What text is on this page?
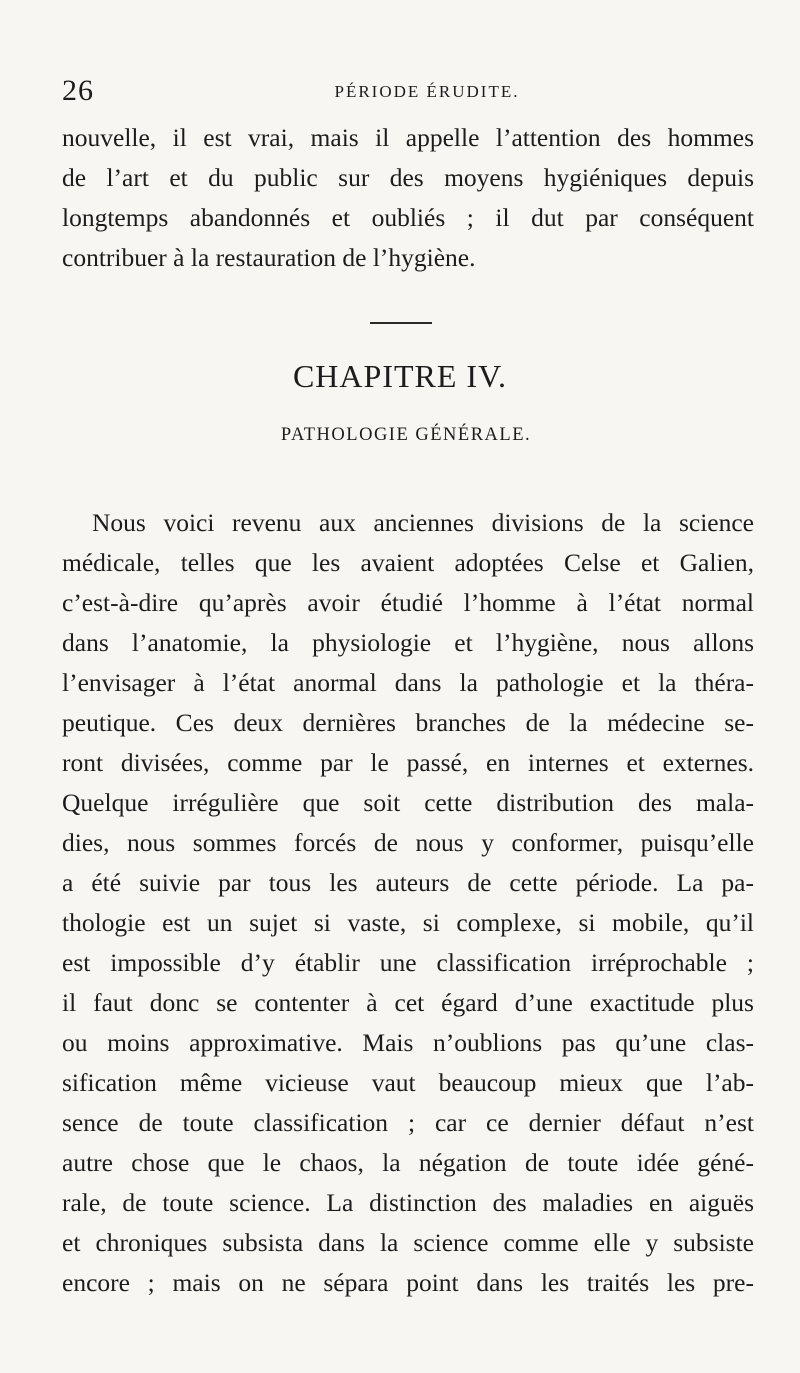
26	PÉRIODE ÉRUDITE.
nouvelle, il est vrai, mais il appelle l’attention des hommes
de l’art et du public sur des moyens hygiéniques depuis
longtemps abandonnés et oubliés ; il dut par conséquent
contribuer à la restauration de l’hygiène.
CHAPITRE IV.
PATHOLOGIE GÉNÉRALE.
Nous voici revenu aux anciennes divisions de la science
médicale, telles que les avaient adoptées Celse et Galien,
c’est-à-dire qu’après avoir étudié l’homme à l’état normal
dans l’anatomie, la physiologie et l’hygiène, nous allons
l’envisager à l’état anormal dans la pathologie et la théra-
peutique. Ces deux dernières branches de la médecine se-
ront divisées, comme par le passé, en internes et externes.
Quelque irrégulière que soit cette distribution des mala-
dies, nous sommes forcés de nous y conformer, puisqu’elle
a été suivie par tous les auteurs de cette période. La pa-
thologie est un sujet si vaste, si complexe, si mobile, qu’il
est impossible d’y établir une classification irréprochable ;
il faut donc se contenter à cet égard d’une exactitude plus
ou moins approximative. Mais n’oublions pas qu’une clas-
sification même vicieuse vaut beaucoup mieux que l’ab-
sence de toute classification ; car ce dernier défaut n’est
autre chose que le chaos, la négation de toute idée géné-
rale, de toute science. La distinction des maladies en aiguës
et chroniques subsista dans la science comme elle y subsiste
encore ; mais on ne sépara point dans les traités les pre-
